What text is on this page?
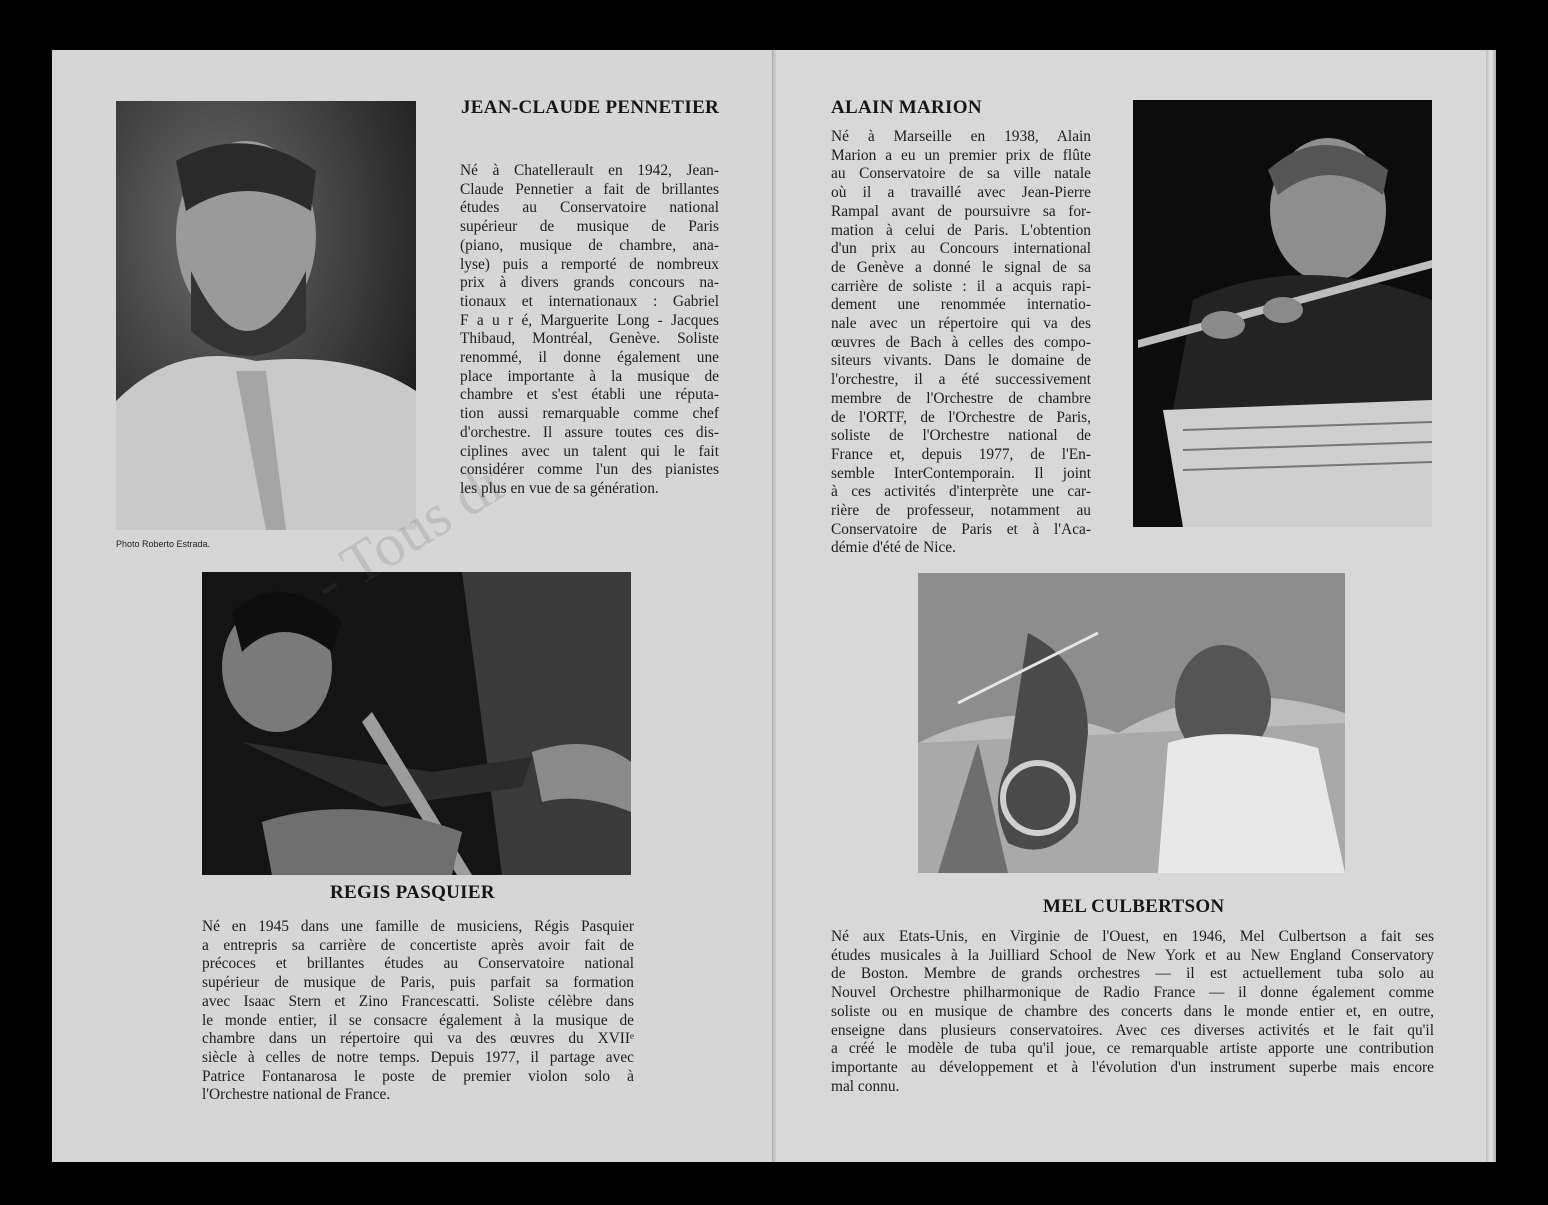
Photo Roberto Estrada.
JEAN-CLAUDE PENNETIER
Né à Chatellerault en 1942, Jean-
Claude Pennetier a fait de brillantes
études au Conservatoire national
supérieur de musique de Paris
(piano, musique de chambre, ana-
lyse) puis a remporté de nombreux
prix à divers grands concours na-
tionaux et internationaux : Gabriel
F a u r é, Marguerite Long - Jacques
Thibaud, Montréal, Genève. Soliste
renommé, il donne également une
place importante à la musique de
chambre et s'est établi une réputa-
tion aussi remarquable comme chef
d'orchestre. Il assure toutes ces dis-
ciplines avec un talent qui le fait
considérer comme l'un des pianistes
les plus en vue de sa génération.
REGIS PASQUIER
Né en 1945 dans une famille de musiciens, Régis Pasquier
a entrepris sa carrière de concertiste après avoir fait de
précoces et brillantes études au Conservatoire national
supérieur de musique de Paris, puis parfait sa formation
avec Isaac Stern et Zino Francescatti. Soliste célèbre dans
le monde entier, il se consacre également à la musique de
chambre dans un répertoire qui va des œuvres du XVIIᵉ
siècle à celles de notre temps. Depuis 1977, il partage avec
Patrice Fontanarosa le poste de premier violon solo à
l'Orchestre national de France.
ALAIN MARION
Né à Marseille en 1938, Alain
Marion a eu un premier prix de flûte
au Conservatoire de sa ville natale
où il a travaillé avec Jean-Pierre
Rampal avant de poursuivre sa for-
mation à celui de Paris. L'obtention
d'un prix au Concours international
de Genève a donné le signal de sa
carrière de soliste : il a acquis rapi-
dement une renommée internatio-
nale avec un répertoire qui va des
œuvres de Bach à celles des compo-
siteurs vivants. Dans le domaine de
l'orchestre, il a été successivement
membre de l'Orchestre de chambre
de l'ORTF, de l'Orchestre de Paris,
soliste de l'Orchestre national de
France et, depuis 1977, de l'En-
semble InterContemporain. Il joint
à ces activités d'interprète une car-
rière de professeur, notamment au
Conservatoire de Paris et à l'Aca-
démie d'été de Nice.
MEL CULBERTSON
Né aux Etats-Unis, en Virginie de l'Ouest, en 1946, Mel Culbertson a fait ses
études musicales à la Juilliard School de New York et au New England Conservatory
de Boston. Membre de grands orchestres — il est actuellement tuba solo au
Nouvel Orchestre philharmonique de Radio France — il donne également comme
soliste ou en musique de chambre des concerts dans le monde entier et, en outre,
enseigne dans plusieurs conservatoires. Avec ces diverses activités et le fait qu'il
a créé le modèle de tuba qu'il joue, ce remarquable artiste apporte une contribution
importante au développement et à l'évolution d'un instrument superbe mais encore
mal connu.
